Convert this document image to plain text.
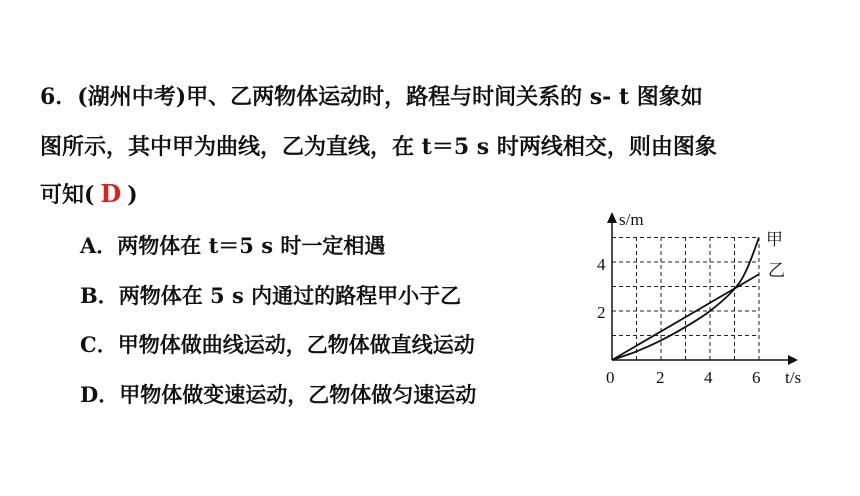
6．(湖州中考)甲、乙两物体运动时，路程与时间关系的 s- t 图象如
图所示，其中甲为曲线，乙为直线，在 t＝5 s 时两线相交，则由图象
可知( D )
A．两物体在 t＝5 s 时一定相遇
B．两物体在 5 s 内通过的路程甲小于乙
C．甲物体做曲线运动，乙物体做直线运动
D．甲物体做变速运动，乙物体做匀速运动
s/m
t/s
0 2 4 6
2
4
甲
乙
